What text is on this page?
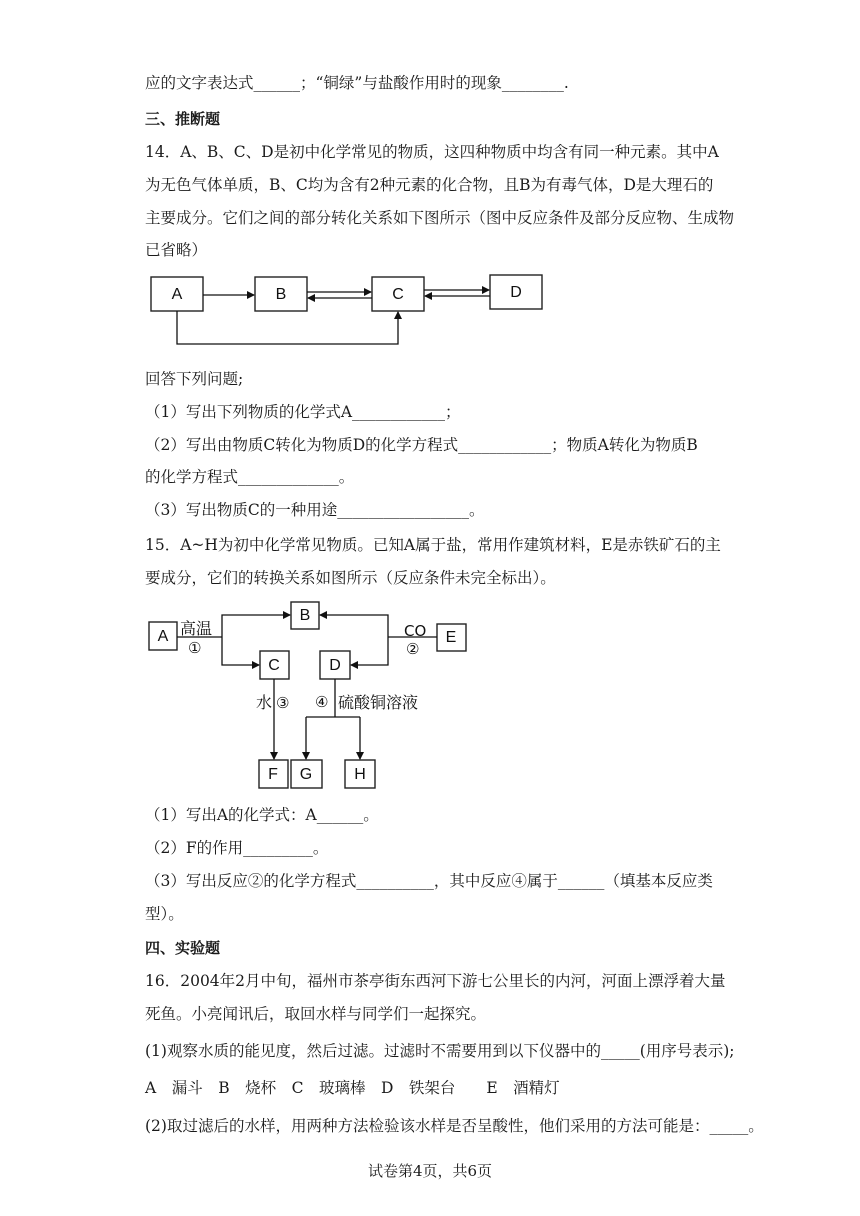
应的文字表达式______；“铜绿”与盐酸作用时的现象________.
三、推断题
14．A、B、C、D是初中化学常见的物质，这四种物质中均含有同一种元素。其中A
为无色气体单质，B、C均为含有2种元素的化合物，且B为有毒气体，D是大理石的
主要成分。它们之间的部分转化关系如下图所示（图中反应条件及部分反应物、生成物
已省略）
A	B	C	D
A
B
C	D
E
F G	H
高温
①
CO
②
水 ③ ④ 硫酸铜溶液
回答下列问题;
（1）写出下列物质的化学式A____________；
（2）写出由物质C转化为物质D的化学方程式____________；物质A转化为物质B
的化学方程式_____________。
（3）写出物质C的一种用途_________________。
15．A~H为初中化学常见物质。已知A属于盐，常用作建筑材料，E是赤铁矿石的主
要成分，它们的转换关系如图所示（反应条件未完全标出）。
（1）写出A的化学式：A______。
（2）F的作用_________。
（3）写出反应②的化学方程式__________，其中反应④属于______（填基本反应类
型）。
四、实验题
16．2004年2月中旬，福州市茶亭街东西河下游七公里长的内河，河面上漂浮着大量
死鱼。小亮闻讯后，取回水样与同学们一起探究。
(1)观察水质的能见度，然后过滤。过滤时不需要用到以下仪器中的_____(用序号表示);
A　漏斗　B　烧杯　C　玻璃棒　D　铁架台　　E　酒精灯
(2)取过滤后的水样，用两种方法检验该水样是否呈酸性，他们采用的方法可能是：_____。
试卷第4页，共6页
